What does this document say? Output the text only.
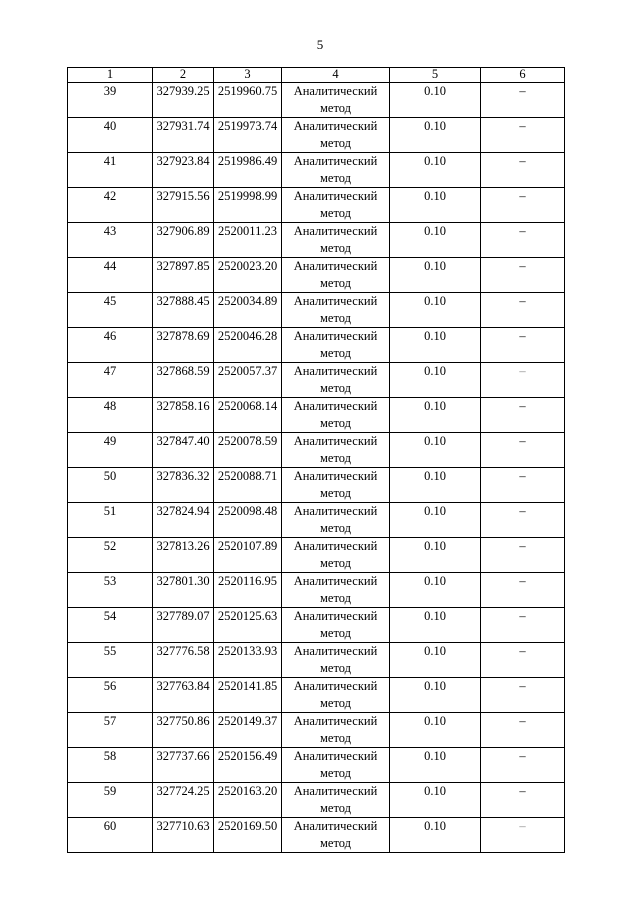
5
1	2	3	4	5	6
39	327939.25	2519960.75	Аналитический
метод	0.10	–
40	327931.74	2519973.74	Аналитический
метод	0.10	–
41	327923.84	2519986.49	Аналитический
метод	0.10	–
42	327915.56	2519998.99	Аналитический
метод	0.10	–
43	327906.89	2520011.23	Аналитический
метод	0.10	–
44	327897.85	2520023.20	Аналитический
метод	0.10	–
45	327888.45	2520034.89	Аналитический
метод	0.10	–
46	327878.69	2520046.28	Аналитический
метод	0.10	–
47	327868.59	2520057.37	Аналитический
метод	0.10	–
48	327858.16	2520068.14	Аналитический
метод	0.10	–
49	327847.40	2520078.59	Аналитический
метод	0.10	–
50	327836.32	2520088.71	Аналитический
метод	0.10	–
51	327824.94	2520098.48	Аналитический
метод	0.10	–
52	327813.26	2520107.89	Аналитический
метод	0.10	–
53	327801.30	2520116.95	Аналитический
метод	0.10	–
54	327789.07	2520125.63	Аналитический
метод	0.10	–
55	327776.58	2520133.93	Аналитический
метод	0.10	–
56	327763.84	2520141.85	Аналитический
метод	0.10	–
57	327750.86	2520149.37	Аналитический
метод	0.10	–
58	327737.66	2520156.49	Аналитический
метод	0.10	–
59	327724.25	2520163.20	Аналитический
метод	0.10	–
60	327710.63	2520169.50	Аналитический
метод	0.10	–
